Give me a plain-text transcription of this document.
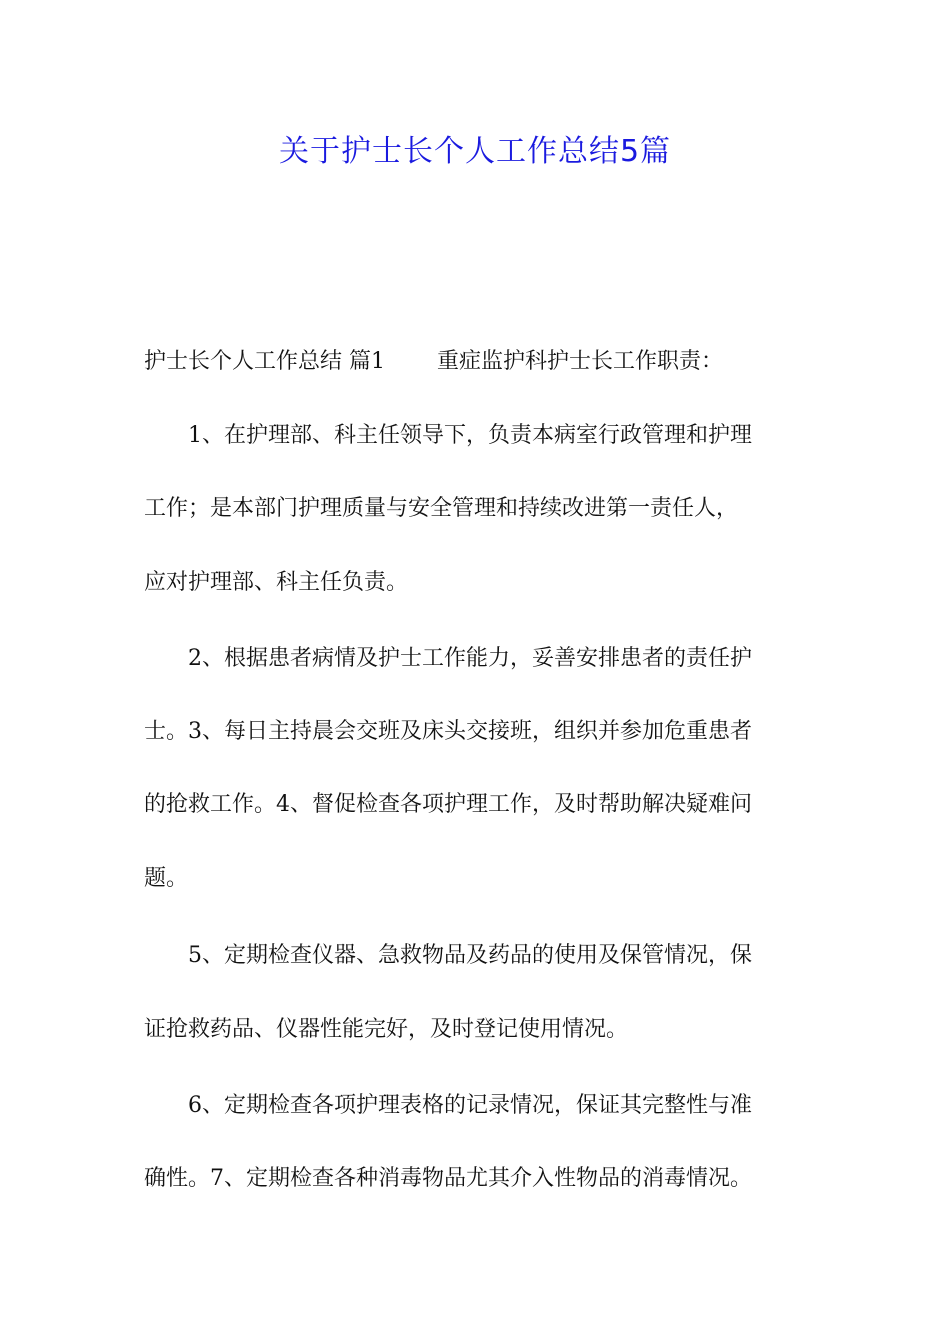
关于护士长个人工作总结5篇
护士长个人工作总结 篇1 重症监护科护士长工作职责：
1、在护理部、科主任领导下，负责本病室行政管理和护理
工作；是本部门护理质量与安全管理和持续改进第一责任人，
应对护理部、科主任负责。
2、根据患者病情及护士工作能力，妥善安排患者的责任护
士。3、每日主持晨会交班及床头交接班，组织并参加危重患者
的抢救工作。4、督促检查各项护理工作，及时帮助解决疑难问
题。
5、定期检查仪器、急救物品及药品的使用及保管情况，保
证抢救药品、仪器性能完好，及时登记使用情况。
6、定期检查各项护理表格的记录情况，保证其完整性与准
确性。7、定期检查各种消毒物品尤其介入性物品的消毒情况。
